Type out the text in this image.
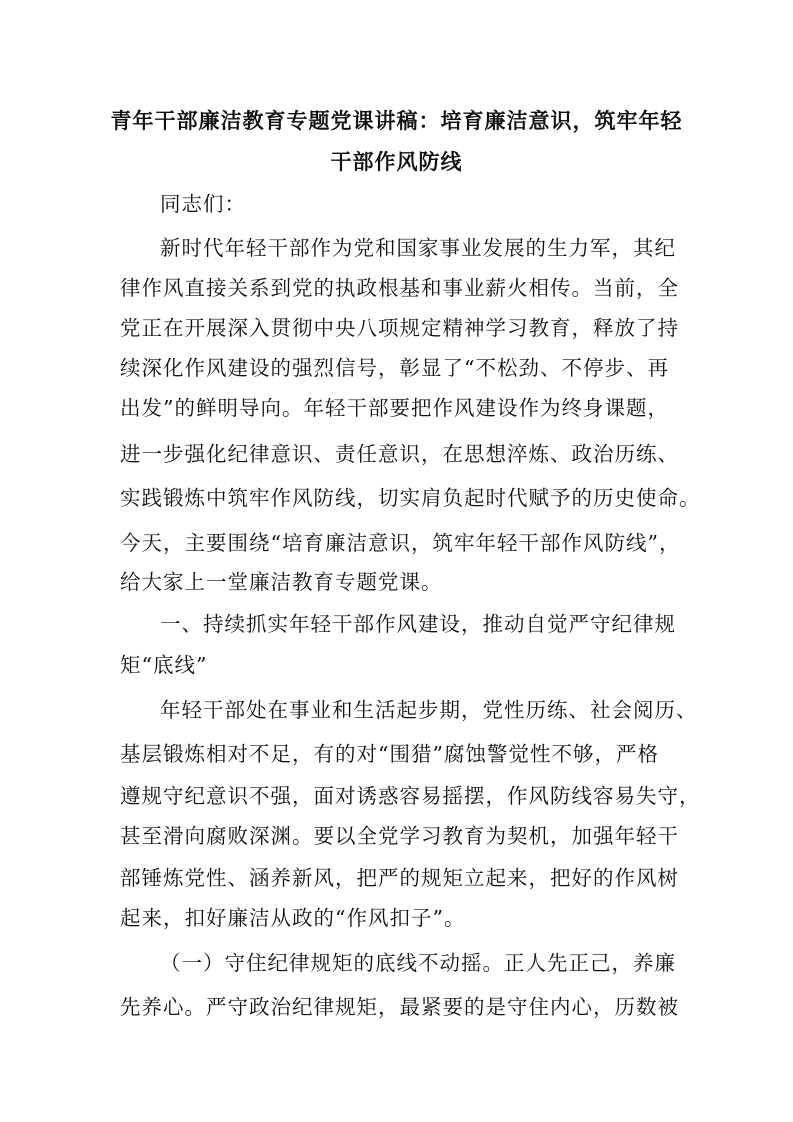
青年干部廉洁教育专题党课讲稿：培育廉洁意识，筑牢年轻
干部作风防线
同志们：
新时代年轻干部作为党和国家事业发展的生力军，其纪
律作风直接关系到党的执政根基和事业薪火相传。当前，全
党正在开展深入贯彻中央八项规定精神学习教育，释放了持
续深化作风建设的强烈信号，彰显了“不松劲、不停步、再
出发”的鲜明导向。年轻干部要把作风建设作为终身课题，
进一步强化纪律意识、责任意识，在思想淬炼、政治历练、
实践锻炼中筑牢作风防线，切实肩负起时代赋予的历史使命。
今天，主要围绕“培育廉洁意识，筑牢年轻干部作风防线”，
给大家上一堂廉洁教育专题党课。
一、持续抓实年轻干部作风建设，推动自觉严守纪律规
矩“底线”
年轻干部处在事业和生活起步期，党性历练、社会阅历、
基层锻炼相对不足，有的对“围猎”腐蚀警觉性不够，严格
遵规守纪意识不强，面对诱惑容易摇摆，作风防线容易失守，
甚至滑向腐败深渊。要以全党学习教育为契机，加强年轻干
部锤炼党性、涵养新风，把严的规矩立起来，把好的作风树
起来，扣好廉洁从政的“作风扣子”。
（一）守住纪律规矩的底线不动摇。正人先正己，养廉
先养心。严守政治纪律规矩，最紧要的是守住内心，历数被
